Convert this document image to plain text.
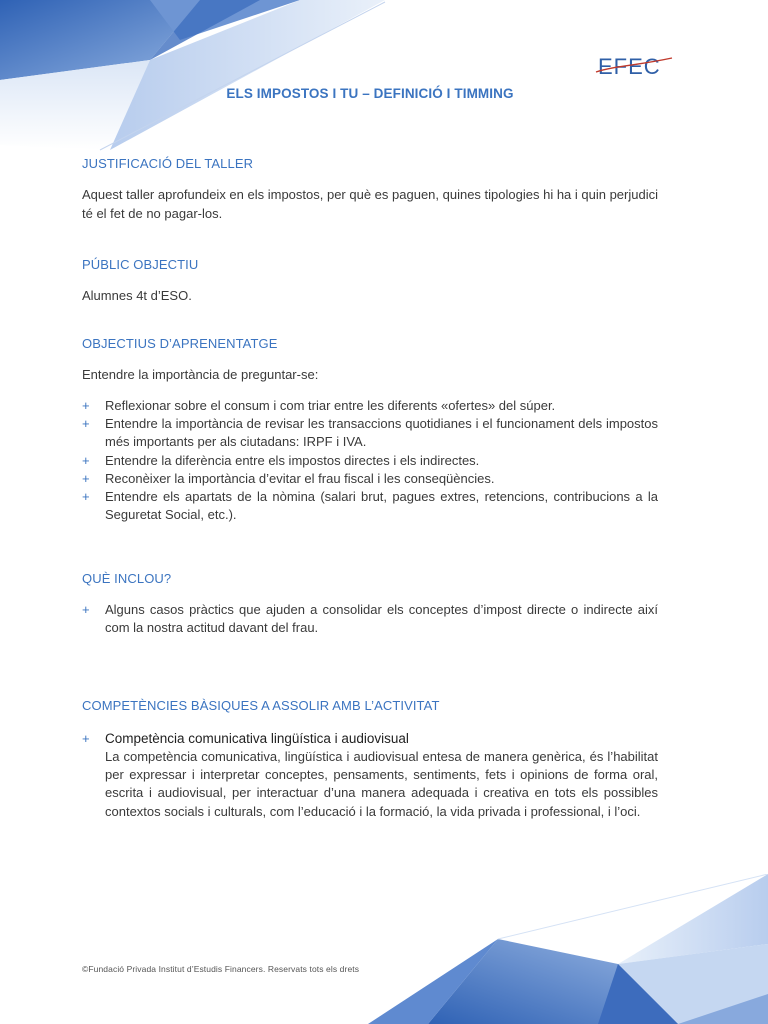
EFEC
ELS IMPOSTOS I TU – DEFINICIÓ I TIMMING
JUSTIFICACIÓ DEL TALLER
Aquest taller aprofundeix en els impostos, per què es paguen, quines tipologies hi ha i quin perjudici té el fet de no pagar-los.
PÚBLIC OBJECTIU
Alumnes 4t d’ESO.
OBJECTIUS D’APRENENTATGE
Entendre la importància de preguntar-se:
+ Reflexionar sobre el consum i com triar entre les diferents «ofertes» del súper.
+ Entendre la importància de revisar les transaccions quotidianes i el funcionament dels impostos més importants per als ciutadans: IRPF i IVA.
+ Entendre la diferència entre els impostos directes i els indirectes.
+ Reconèixer la importància d’evitar el frau fiscal i les conseqüències.
+ Entendre els apartats de la nòmina (salari brut, pagues extres, retencions, contribucions a la Seguretat Social, etc.).
QUÈ INCLOU?
+ Alguns casos pràctics que ajuden a consolidar els conceptes d’impost directe o indirecte així com la nostra actitud davant del frau.
COMPETÈNCIES BÀSIQUES A ASSOLIR AMB L’ACTIVITAT
+ Competència comunicativa lingüística i audiovisual
La competència comunicativa, lingüística i audiovisual entesa de manera genèrica, és l’habilitat per expressar i interpretar conceptes, pensaments, sentiments, fets i opinions de forma oral, escrita i audiovisual, per interactuar d’una manera adequada i creativa en tots els possibles contextos socials i culturals, com l’educació i la formació, la vida privada i professional, i l’oci.
©Fundació Privada Institut d’Estudis Financers. Reservats tots els drets
